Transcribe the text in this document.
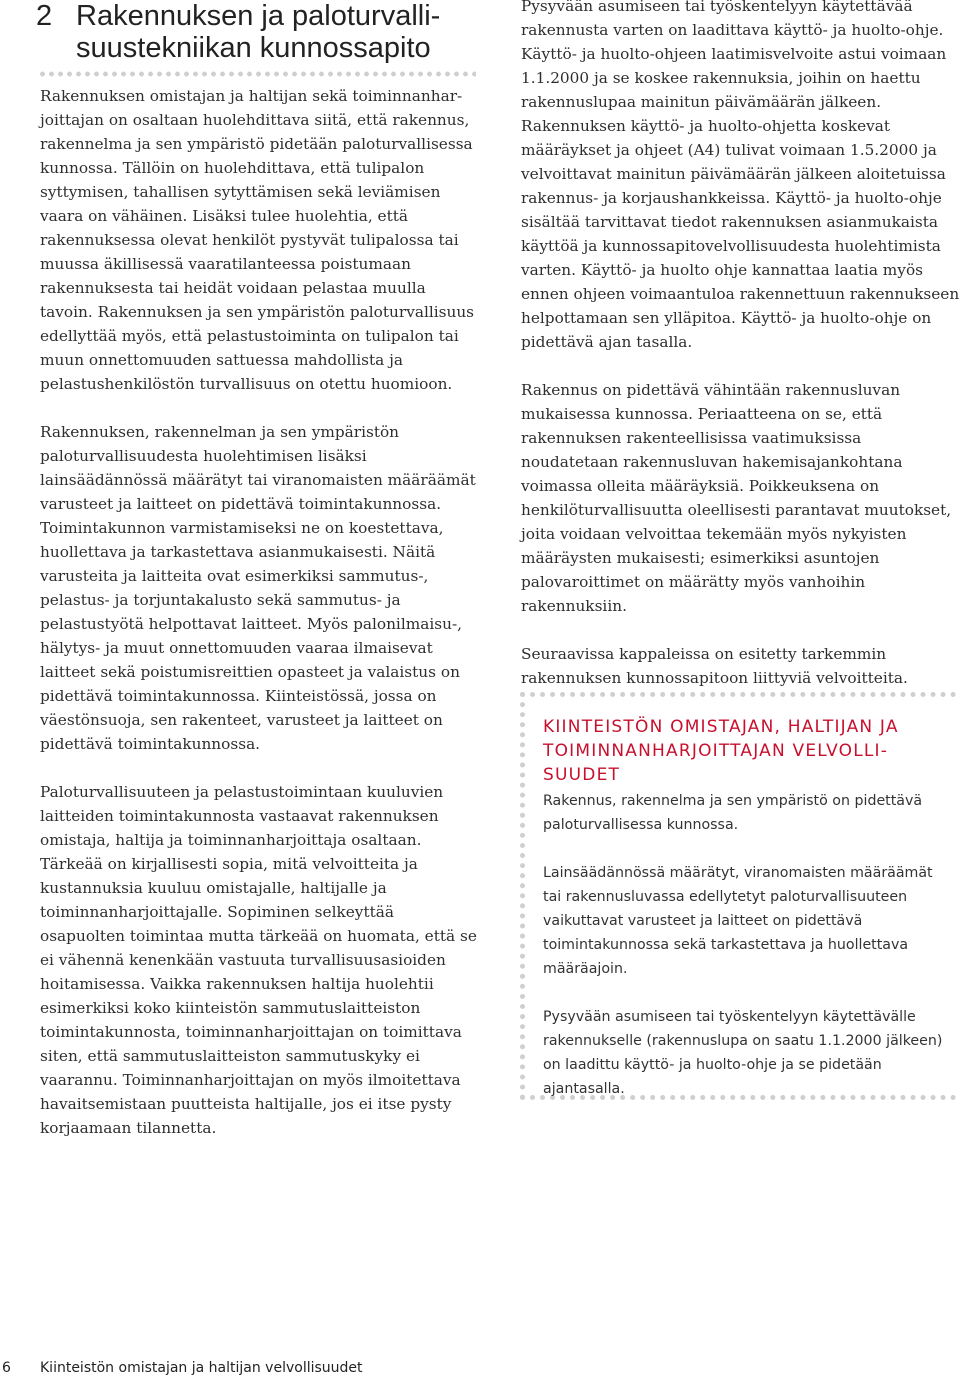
2 Rakennuksen ja paloturvallisuustekniikan kunnossapito

Rakennuksen omistajan ja haltijan sekä toiminnanharjoittajan on osaltaan huolehdittava siitä, että rakennus, rakennelma ja sen ympäristö pidetään paloturvallisessa kunnossa. Tällöin on huolehdittava, että tulipalon syttymisen, tahallisen sytyttämisen sekä leviämisen vaara on vähäinen. Lisäksi tulee huolehtia, että rakennuksessa olevat henkilöt pystyvät tulipalossa tai muussa äkillisessä vaaratilanteessa poistumaan rakennuksesta tai heidät voidaan pelastaa muulla tavoin. Rakennuksen ja sen ympäristön paloturvallisuus edellyttää myös, että pelastustoiminta on tulipalon tai muun onnettomuuden sattuessa mahdollista ja pelastushenkilöstön turvallisuus on otettu huomioon.

Rakennuksen, rakennelman ja sen ympäristön paloturvallisuudesta huolehtimisen lisäksi lainsäädännössä määrätyt tai viranomaisten määräämät varusteet ja laitteet on pidettävä toimintakunnossa. Toimintakunnon varmistamiseksi ne on koestettava, huollettava ja tarkastettava asianmukaisesti. Näitä varusteita ja laitteita ovat esimerkiksi sammutus-, pelastus- ja torjuntakalusto sekä sammutus- ja pelastustyötä helpottavat laitteet. Myös palonilmaisu-, hälytys- ja muut onnettomuuden vaaraa ilmaisevat laitteet sekä poistumisreittien opasteet ja valaistus on pidettävä toimintakunnossa. Kiinteistössä, jossa on väestönsuoja, sen rakenteet, varusteet ja laitteet on pidettävä toimintakunnossa.

Paloturvallisuuteen ja pelastustoimintaan kuuluvien laitteiden toimintakunnosta vastaavat rakennuksen omistaja, haltija ja toiminnanharjoittaja osaltaan. Tärkeää on kirjallisesti sopia, mitä velvoitteita ja kustannuksia kuuluu omistajalle, haltijalle ja toiminnanharjoittajalle. Sopiminen selkeyttää osapuolten toimintaa mutta tärkeää on huomata, että se ei vähennä kenenkään vastuuta turvallisuusasioiden hoitamisessa. Vaikka rakennuksen haltija huolehtii esimerkiksi koko kiinteistön sammutuslaitteiston toimintakunnosta, toiminnanharjoittajan on toimittava siten, että sammutuslaitteiston sammutuskyky ei vaarannu. Toiminnanharjoittajan on myös ilmoitettava havaitsemistaan puutteista haltijalle, jos ei itse pysty korjaamaan tilannetta.

Pysyvään asumiseen tai työskentelyyn käytettävää rakennusta varten on laadittava käyttö- ja huolto-ohje. Käyttö- ja huolto-ohjeen laatimisvelvoite astui voimaan 1.1.2000 ja se koskee rakennuksia, joihin on haettu rakennuslupaa mainitun päivämäärän jälkeen. Rakennuksen käyttö- ja huolto-ohjetta koskevat määräykset ja ohjeet (A4) tulivat voimaan 1.5.2000 ja velvoittavat mainitun päivämäärän jälkeen aloitetuissa rakennus- ja korjaushankkeissa. Käyttö- ja huolto-ohje sisältää tarvittavat tiedot rakennuksen asianmukaista käyttöä ja kunnossapitovelvollisuudesta huolehtimista varten. Käyttö- ja huolto ohje kannattaa laatia myös ennen ohjeen voimaantuloa rakennettuun rakennukseen helpottamaan sen ylläpitoa. Käyttö- ja huolto-ohje on pidettävä ajan tasalla.

Rakennus on pidettävä vähintään rakennusluvan mukaisessa kunnossa. Periaatteena on se, että rakennuksen rakenteellisissa vaatimuksissa noudatetaan rakennusluvan hakemisajankohtana voimassa olleita määräyksiä. Poikkeuksena on henkilöturvallisuutta oleellisesti parantavat muutokset, joita voidaan velvoittaa tekemään myös nykyisten määräysten mukaisesti; esimerkiksi asuntojen palovaroittimet on määrätty myös vanhoihin rakennuksiin.

Seuraavissa kappaleissa on esitetty tarkemmin rakennuksen kunnossapitoon liittyviä velvoitteita.

KIINTEISTÖN OMISTAJAN, HALTIJAN JA TOIMINNANHARJOITTAJAN VELVOLLISUUDET

Rakennus, rakennelma ja sen ympäristö on pidettävä paloturvallisessa kunnossa.

Lainsäädännössä määrätyt, viranomaisten määräämät tai rakennusluvassa edellytetyt paloturvallisuuteen vaikuttavat varusteet ja laitteet on pidettävä toimintakunnossa sekä tarkastettava ja huollettava määräajoin.

Pysyvään asumiseen tai työskentelyyn käytettävälle rakennukselle (rakennuslupa on saatu 1.1.2000 jälkeen) on laadittu käyttö- ja huolto-ohje ja se pidetään ajantasalla.

6 Kiinteistön omistajan ja haltijan velvollisuudet
